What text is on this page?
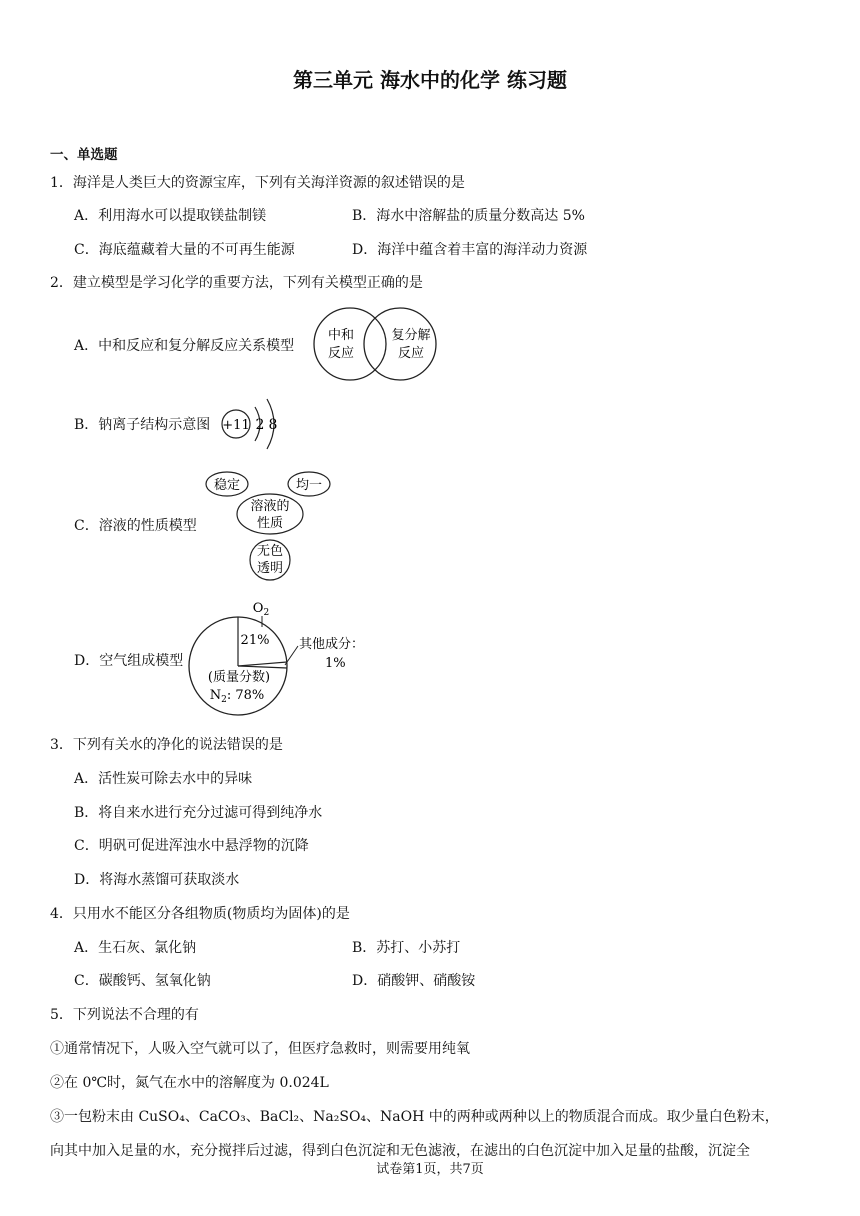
第三单元 海水中的化学 练习题
一、单选题
1．海洋是人类巨大的资源宝库，下列有关海洋资源的叙述错误的是
A．利用海水可以提取镁盐制镁	B．海水中溶解盐的质量分数高达 5%
C．海底蕴藏着大量的不可再生能源	D．海洋中蕴含着丰富的海洋动力资源
2．建立模型是学习化学的重要方法，下列有关模型正确的是
A．中和反应和复分解反应关系模型
中和
反应
复分解
反应
B．钠离子结构示意图 +11 2 8
C．溶液的性质模型
稳定	均一
溶液的
性质
无色
透明
D．空气组成模型
$O_2$
21% 其他成分：
1%
(质量分数)
$N_2$: 78%
3．下列有关水的净化的说法错误的是
A．活性炭可除去水中的异味
B．将自来水进行充分过滤可得到纯净水
C．明矾可促进浑浊水中悬浮物的沉降
D．将海水蒸馏可获取淡水
4．只用水不能区分各组物质(物质均为固体)的是
A．生石灰、氯化钠	B．苏打、小苏打
C．碳酸钙、氢氧化钠	D．硝酸钾、硝酸铵
5．下列说法不合理的有
①通常情况下，人吸入空气就可以了，但医疗急救时，则需要用纯氧
②在 0℃时，氮气在水中的溶解度为 0.024L
③一包粉末由 CuSO₄、CaCO₃、BaCl₂、Na₂SO₄、NaOH 中的两种或两种以上的物质混合而成。取少量白色粉末，
向其中加入足量的水，充分搅拌后过滤，得到白色沉淀和无色滤液，在滤出的白色沉淀中加入足量的盐酸，沉淀全
试卷第1页，共7页
